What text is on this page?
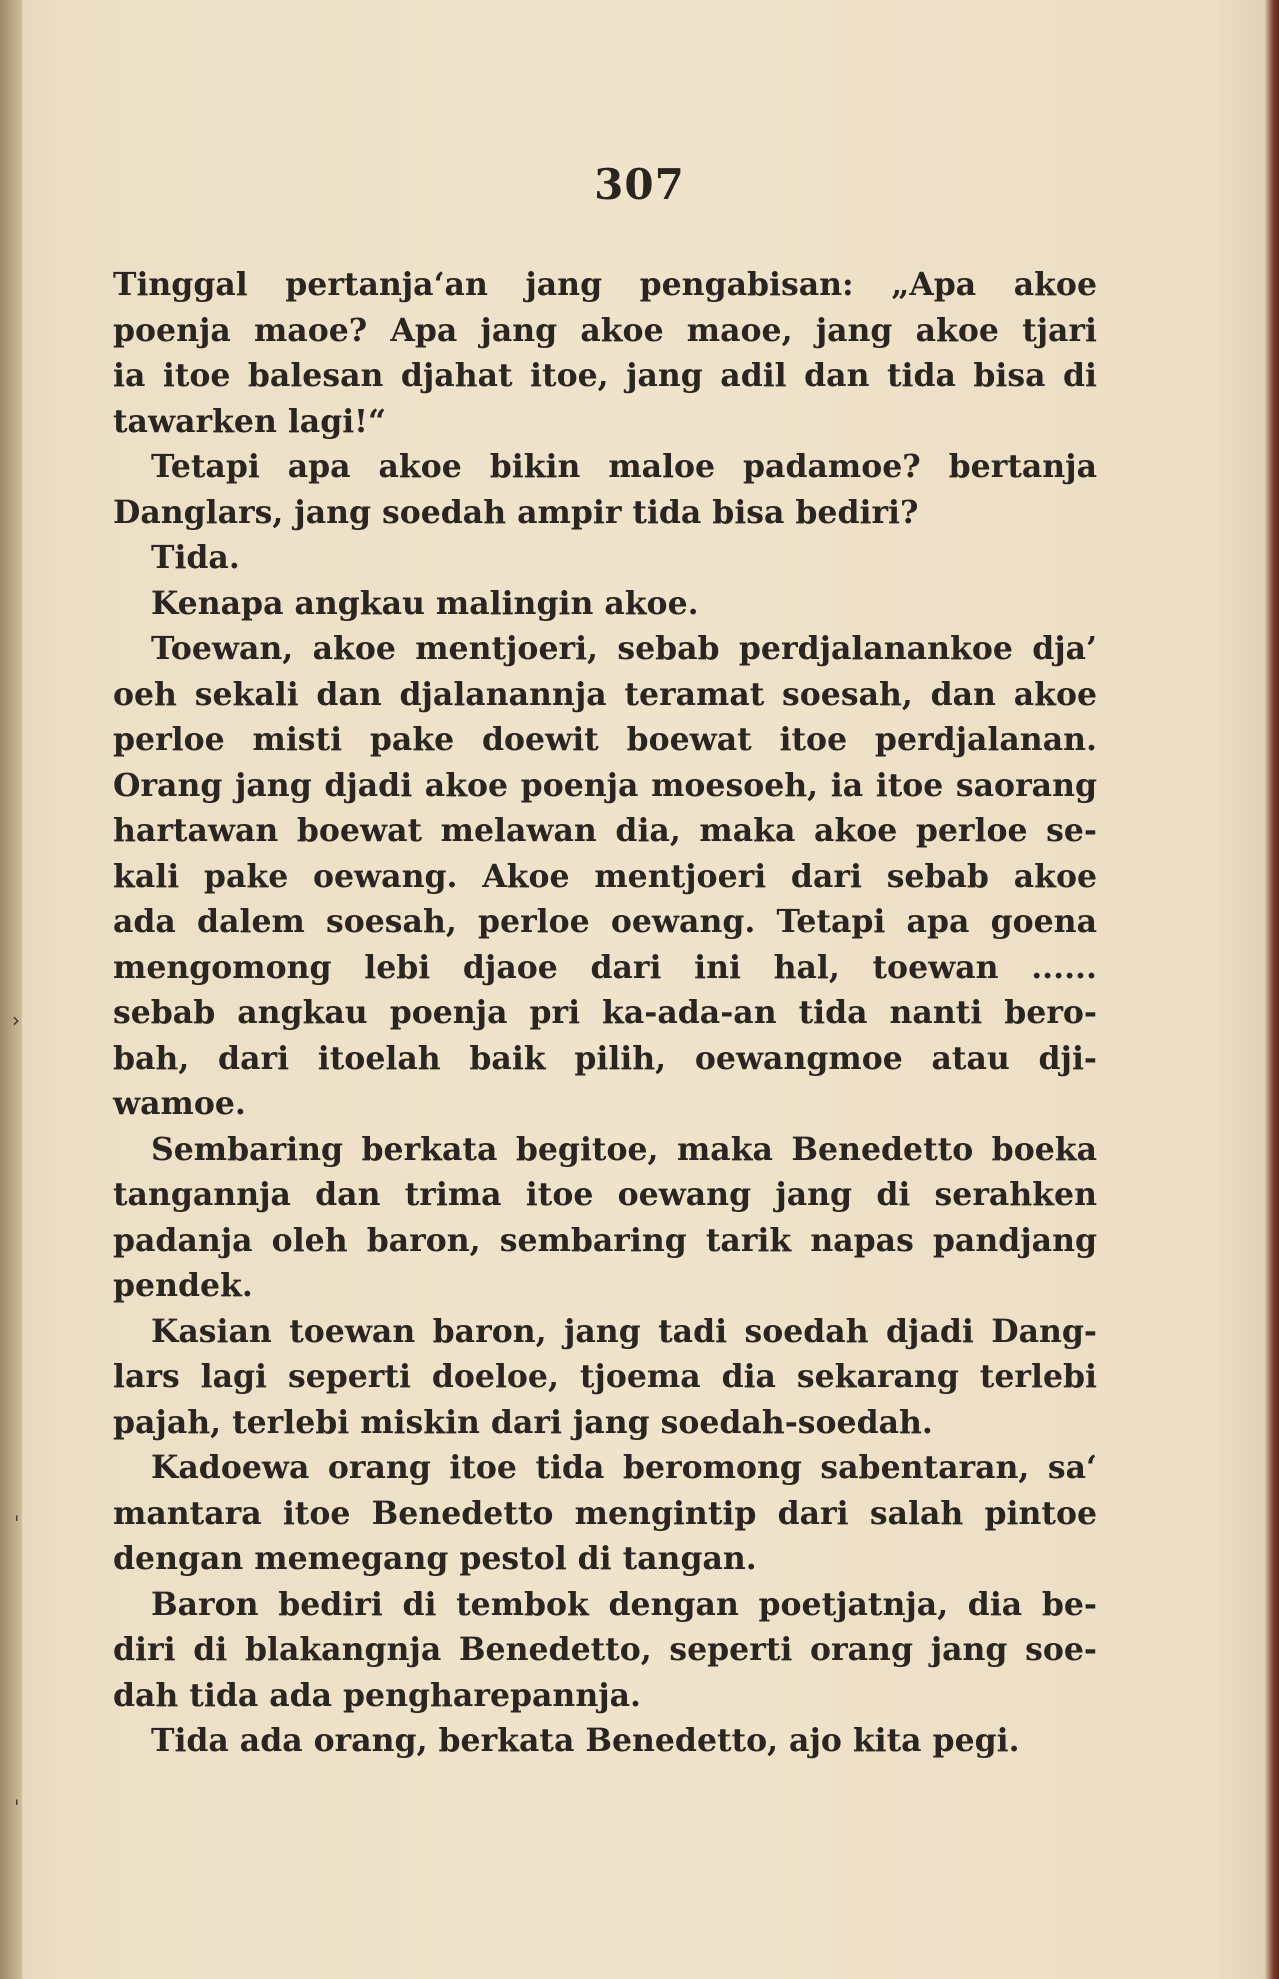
307
Tinggal pertanja‘an jang pengabisan: „Apa akoe
poenja maoe? Apa jang akoe maoe, jang akoe tjari
ia itoe balesan djahat itoe, jang adil dan tida bisa di
tawarken lagi!“
Tetapi apa akoe bikin maloe padamoe? bertanja
Danglars, jang soedah ampir tida bisa bediri?
Tida.
Kenapa angkau malingin akoe.
Toewan, akoe mentjoeri, sebab perdjalanankoe dja’
oeh sekali dan djalanannja teramat soesah, dan akoe
perloe misti pake doewit boewat itoe perdjalanan.
Orang jang djadi akoe poenja moesoeh, ia itoe saorang
hartawan boewat melawan dia, maka akoe perloe se-
kali pake oewang. Akoe mentjoeri dari sebab akoe
ada dalem soesah, perloe oewang. Tetapi apa goena
mengomong lebi djaoe dari ini hal, toewan ......
sebab angkau poenja pri ka-ada-an tida nanti bero-
bah, dari itoelah baik pilih, oewangmoe atau dji-
wamoe.
Sembaring berkata begitoe, maka Benedetto boeka
tangannja dan trima itoe oewang jang di serahken
padanja oleh baron, sembaring tarik napas pandjang
pendek.
Kasian toewan baron, jang tadi soedah djadi Dang-
lars lagi seperti doeloe, tjoema dia sekarang terlebi
pajah, terlebi miskin dari jang soedah-soedah.
Kadoewa orang itoe tida beromong sabentaran, sa‘
mantara itoe Benedetto mengintip dari salah pintoe
dengan memegang pestol di tangan.
Baron bediri di tembok dengan poetjatnja, dia be-
diri di blakangnja Benedetto, seperti orang jang soe-
dah tida ada pengharepannja.
Tida ada orang, berkata Benedetto, ajo kita pegi.
›
ˈ
ˈ
